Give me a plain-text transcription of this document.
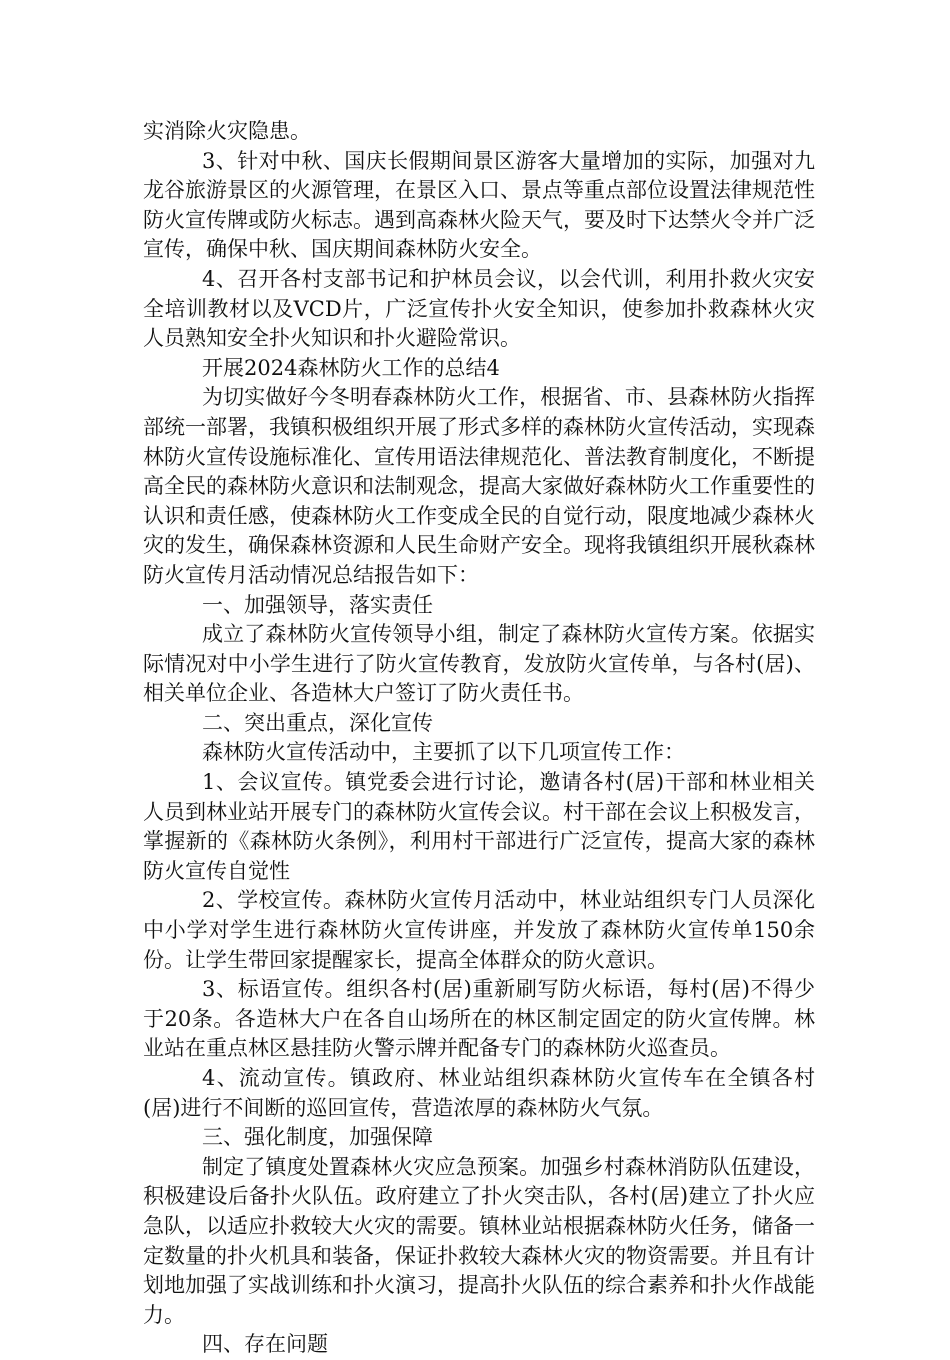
实消除火灾隐患。

3、针对中秋、国庆长假期间景区游客大量增加的实际，加强对九龙谷旅游景区的火源管理，在景区入口、景点等重点部位设置法律规范性防火宣传牌或防火标志。遇到高森林火险天气，要及时下达禁火令并广泛宣传，确保中秋、国庆期间森林防火安全。

4、召开各村支部书记和护林员会议，以会代训，利用扑救火灾安全培训教材以及VCD片，广泛宣传扑火安全知识，使参加扑救森林火灾人员熟知安全扑火知识和扑火避险常识。

开展2024森林防火工作的总结4

为切实做好今冬明春森林防火工作，根据省、市、县森林防火指挥部统一部署，我镇积极组织开展了形式多样的森林防火宣传活动，实现森林防火宣传设施标准化、宣传用语法律规范化、普法教育制度化，不断提高全民的森林防火意识和法制观念，提高大家做好森林防火工作重要性的认识和责任感，使森林防火工作变成全民的自觉行动，限度地减少森林火灾的发生，确保森林资源和人民生命财产安全。现将我镇组织开展秋森林防火宣传月活动情况总结报告如下：

一、加强领导，落实责任

成立了森林防火宣传领导小组，制定了森林防火宣传方案。依据实际情况对中小学生进行了防火宣传教育，发放防火宣传单，与各村(居)、相关单位企业、各造林大户签订了防火责任书。

二、突出重点，深化宣传

森林防火宣传活动中，主要抓了以下几项宣传工作：

1、会议宣传。镇党委会进行讨论，邀请各村(居)干部和林业相关人员到林业站开展专门的森林防火宣传会议。村干部在会议上积极发言，掌握新的《森林防火条例》，利用村干部进行广泛宣传，提高大家的森林防火宣传自觉性

2、学校宣传。森林防火宣传月活动中，林业站组织专门人员深化中小学对学生进行森林防火宣传讲座，并发放了森林防火宣传单150余份。让学生带回家提醒家长，提高全体群众的防火意识。

3、标语宣传。组织各村(居)重新刷写防火标语，每村(居)不得少于20条。各造林大户在各自山场所在的林区制定固定的防火宣传牌。林业站在重点林区悬挂防火警示牌并配备专门的森林防火巡查员。

4、流动宣传。镇政府、林业站组织森林防火宣传车在全镇各村(居)进行不间断的巡回宣传，营造浓厚的森林防火气氛。

三、强化制度，加强保障

制定了镇度处置森林火灾应急预案。加强乡村森林消防队伍建设，积极建设后备扑火队伍。政府建立了扑火突击队，各村(居)建立了扑火应急队，以适应扑救较大火灾的需要。镇林业站根据森林防火任务，储备一定数量的扑火机具和装备，保证扑救较大森林火灾的物资需要。并且有计划地加强了实战训练和扑火演习，提高扑火队伍的综合素养和扑火作战能力。

四、存在问题
